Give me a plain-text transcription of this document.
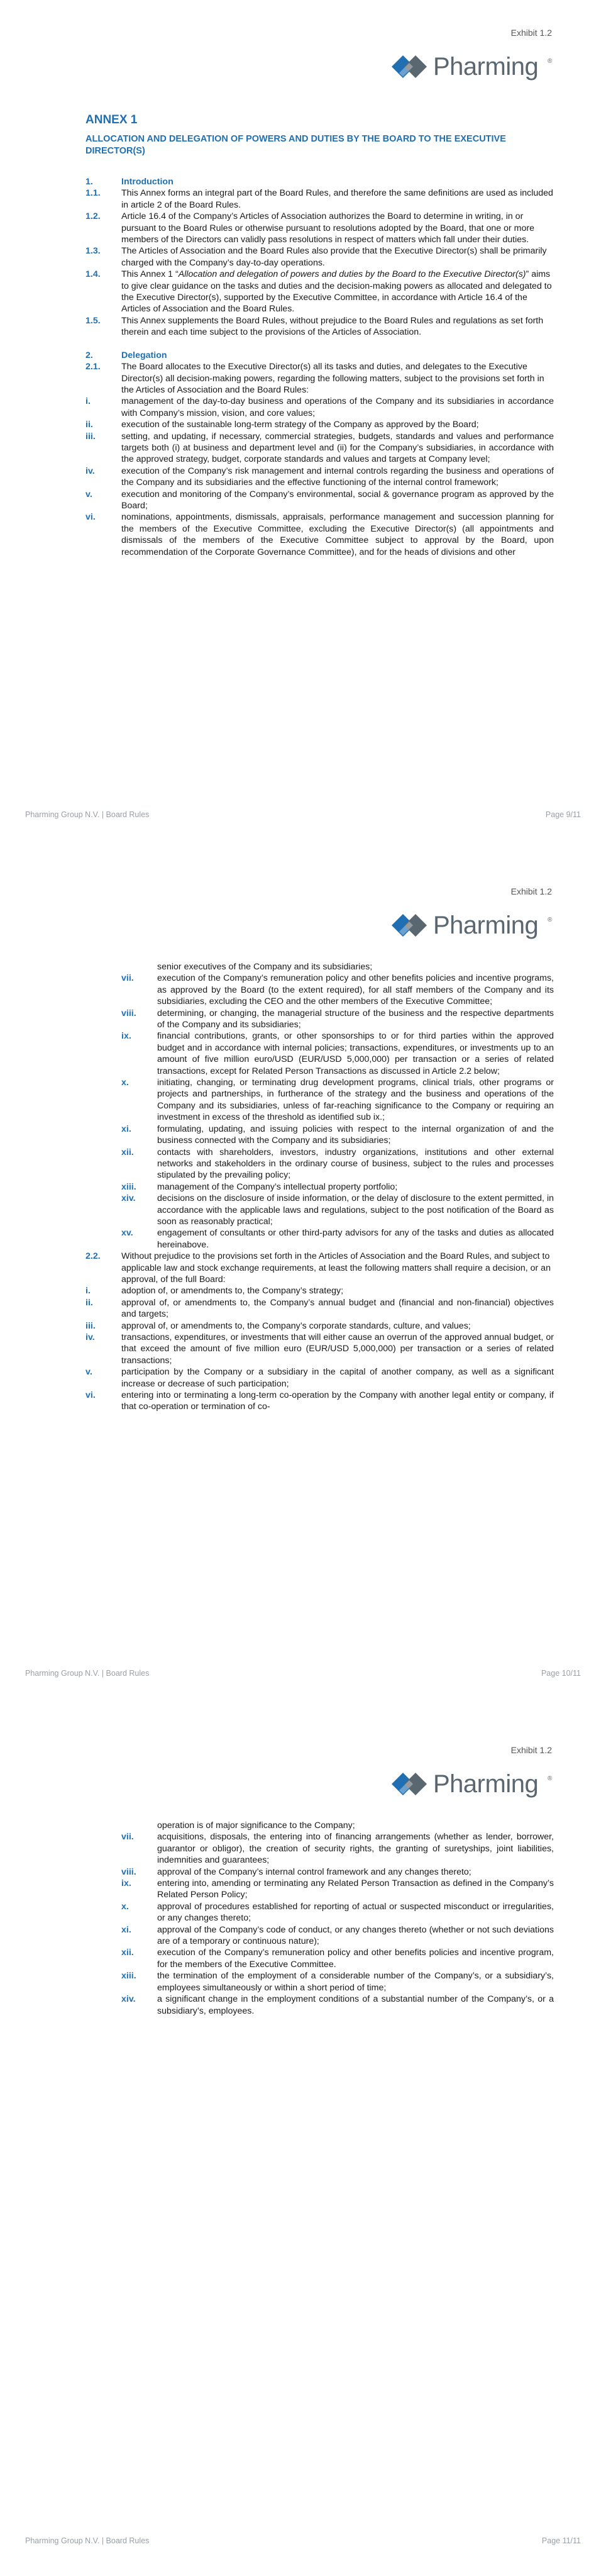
Exhibit 1.2
Pharming ®
ANNEX 1
ALLOCATION AND DELEGATION OF POWERS AND DUTIES BY THE BOARD TO THE EXECUTIVE DIRECTOR(S)
1.	Introduction
1.1.	This Annex forms an integral part of the Board Rules, and therefore the same definitions are used as included in article 2 of the Board Rules.
1.2.	Article 16.4 of the Company’s Articles of Association authorizes the Board to determine in writing, in or pursuant to the Board Rules or otherwise pursuant to resolutions adopted by the Board, that one or more members of the Directors can validly pass resolutions in respect of matters which fall under their duties.
1.3.	The Articles of Association and the Board Rules also provide that the Executive Director(s) shall be primarily charged with the Company’s day-to-day operations.
1.4.	This Annex 1 “Allocation and delegation of powers and duties by the Board to the Executive Director(s)” aims to give clear guidance on the tasks and duties and the decision-making powers as allocated and delegated to the Executive Director(s), supported by the Executive Committee, in accordance with Article 16.4 of the Articles of Association and the Board Rules.
1.5.	This Annex supplements the Board Rules, without prejudice to the Board Rules and regulations as set forth therein and each time subject to the provisions of the Articles of Association.
2.	Delegation
2.1.	The Board allocates to the Executive Director(s) all its tasks and duties, and delegates to the Executive Director(s) all decision-making powers, regarding the following matters, subject to the provisions set forth in the Articles of Association and the Board Rules:
i.	management of the day-to-day business and operations of the Company and its subsidiaries in accordance with Company’s mission, vision, and core values;
ii.	execution of the sustainable long-term strategy of the Company as approved by the Board;
iii.	setting, and updating, if necessary, commercial strategies, budgets, standards and values and performance targets both (i) at business and department level and (ii) for the Company’s subsidiaries, in accordance with the approved strategy, budget, corporate standards and values and targets at Company level;
iv.	execution of the Company’s risk management and internal controls regarding the business and operations of the Company and its subsidiaries and the effective functioning of the internal control framework;
v.	execution and monitoring of the Company’s environmental, social & governance program as approved by the Board;
vi.	nominations, appointments, dismissals, appraisals, performance management and succession planning for the members of the Executive Committee, excluding the Executive Director(s) (all appointments and dismissals of the members of the Executive Committee subject to approval by the Board, upon recommendation of the Corporate Governance Committee), and for the heads of divisions and other
Pharming Group N.V. | Board Rules	Page 9/11
Exhibit 1.2
Pharming ®
senior executives of the Company and its subsidiaries;
vii.	execution of the Company’s remuneration policy and other benefits policies and incentive programs, as approved by the Board (to the extent required), for all staff members of the Company and its subsidiaries, excluding the CEO and the other members of the Executive Committee;
viii.	determining, or changing, the managerial structure of the business and the respective departments of the Company and its subsidiaries;
ix.	financial contributions, grants, or other sponsorships to or for third parties within the approved budget and in accordance with internal policies; transactions, expenditures, or investments up to an amount of five million euro/USD (EUR/USD 5,000,000) per transaction or a series of related transactions, except for Related Person Transactions as discussed in Article 2.2 below;
x.	initiating, changing, or terminating drug development programs, clinical trials, other programs or projects and partnerships, in furtherance of the strategy and the business and operations of the Company and its subsidiaries, unless of far-reaching significance to the Company or requiring an investment in excess of the threshold as identified sub ix.;
xi.	formulating, updating, and issuing policies with respect to the internal organization of and the business connected with the Company and its subsidiaries;
xii.	contacts with shareholders, investors, industry organizations, institutions and other external networks and stakeholders in the ordinary course of business, subject to the rules and processes stipulated by the prevailing policy;
xiii.	management of the Company’s intellectual property portfolio;
xiv.	decisions on the disclosure of inside information, or the delay of disclosure to the extent permitted, in accordance with the applicable laws and regulations, subject to the post notification of the Board as soon as reasonably practical;
xv.	engagement of consultants or other third-party advisors for any of the tasks and duties as allocated hereinabove.
2.2.	Without prejudice to the provisions set forth in the Articles of Association and the Board Rules, and subject to applicable law and stock exchange requirements, at least the following matters shall require a decision, or an approval, of the full Board:
i.	adoption of, or amendments to, the Company’s strategy;
ii.	approval of, or amendments to, the Company’s annual budget and (financial and non-financial) objectives and targets;
iii.	approval of, or amendments to, the Company’s corporate standards, culture, and values;
iv.	transactions, expenditures, or investments that will either cause an overrun of the approved annual budget, or that exceed the amount of five million euro (EUR/USD 5,000,000) per transaction or a series of related transactions;
v.	participation by the Company or a subsidiary in the capital of another company, as well as a significant increase or decrease of such participation;
vi.	entering into or terminating a long-term co-operation by the Company with another legal entity or company, if that co-operation or termination of co-
Pharming Group N.V. | Board Rules	Page 10/11
Exhibit 1.2
Pharming ®
operation is of major significance to the Company;
vii.	acquisitions, disposals, the entering into of financing arrangements (whether as lender, borrower, guarantor or obligor), the creation of security rights, the granting of suretyships, joint liabilities, indemnities and guarantees;
viii.	approval of the Company’s internal control framework and any changes thereto;
ix.	entering into, amending or terminating any Related Person Transaction as defined in the Company’s Related Person Policy;
x.	approval of procedures established for reporting of actual or suspected misconduct or irregularities, or any changes thereto;
xi.	approval of the Company’s code of conduct, or any changes thereto (whether or not such deviations are of a temporary or continuous nature);
xii.	execution of the Company’s remuneration policy and other benefits policies and incentive program, for the members of the Executive Committee.
xiii.	the termination of the employment of a considerable number of the Company’s, or a subsidiary’s, employees simultaneously or within a short period of time;
xiv.	a significant change in the employment conditions of a substantial number of the Company’s, or a subsidiary’s, employees.
Pharming Group N.V. | Board Rules	Page 11/11
